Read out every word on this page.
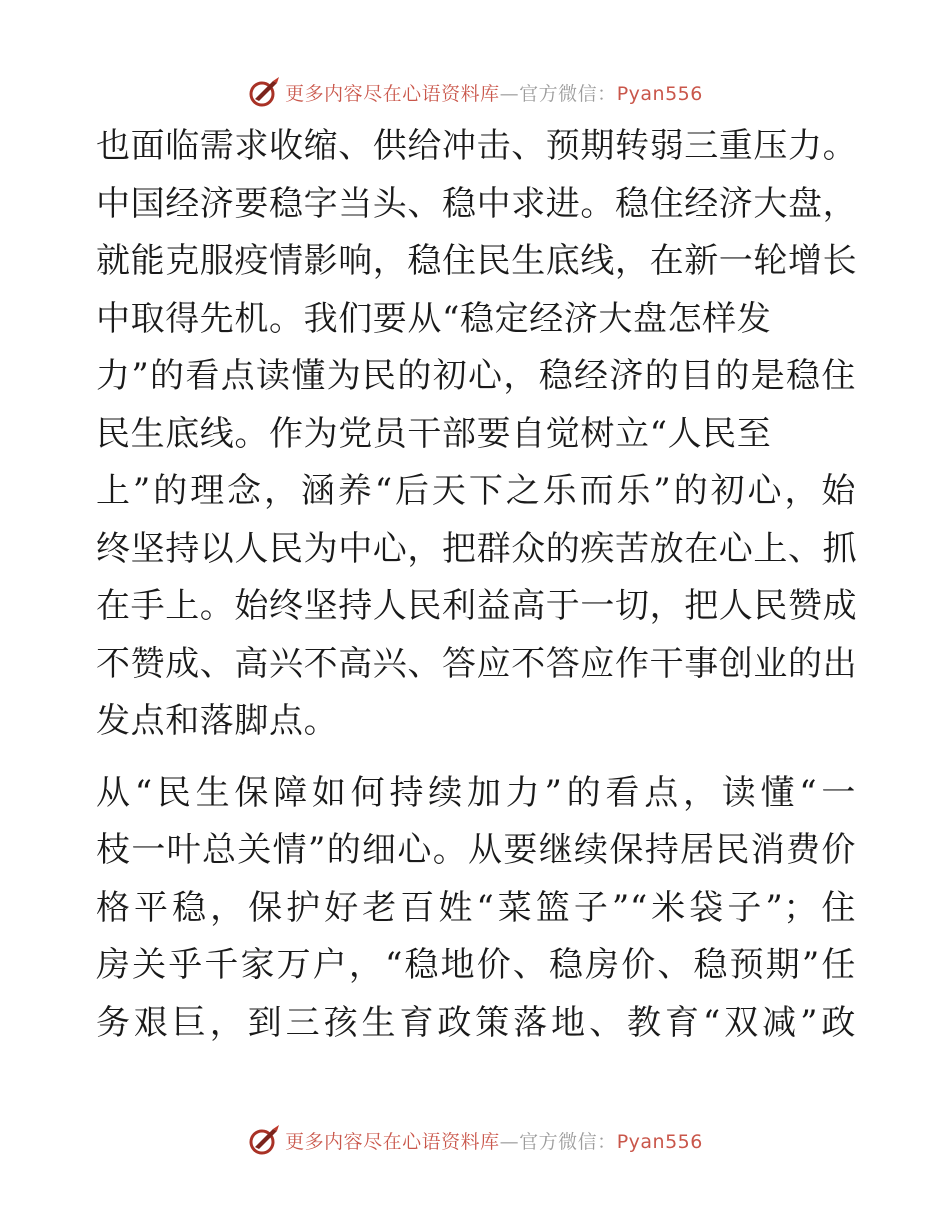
更多内容尽在心语资料库—官方微信：Pyan556
也面临需求收缩、供给冲击、预期转弱三重压力。
中国经济要稳字当头、稳中求进。稳住经济大盘，
就能克服疫情影响，稳住民生底线，在新一轮增长
中取得先机。我们要从“稳定经济大盘怎样发
力”的看点读懂为民的初心，稳经济的目的是稳住
民生底线。作为党员干部要自觉树立“人民至
上”的理念，涵养“后天下之乐而乐”的初心，始
终坚持以人民为中心，把群众的疾苦放在心上、抓
在手上。始终坚持人民利益高于一切，把人民赞成
不赞成、高兴不高兴、答应不答应作干事创业的出
发点和落脚点。
从“民生保障如何持续加力”的看点，读懂“一
枝一叶总关情”的细心。从要继续保持居民消费价
格平稳，保护好老百姓“菜篮子”“米袋子”；住
房关乎千家万户，“稳地价、稳房价、稳预期”任
务艰巨，到三孩生育政策落地、教育“双减”政
更多内容尽在心语资料库—官方微信：Pyan556
